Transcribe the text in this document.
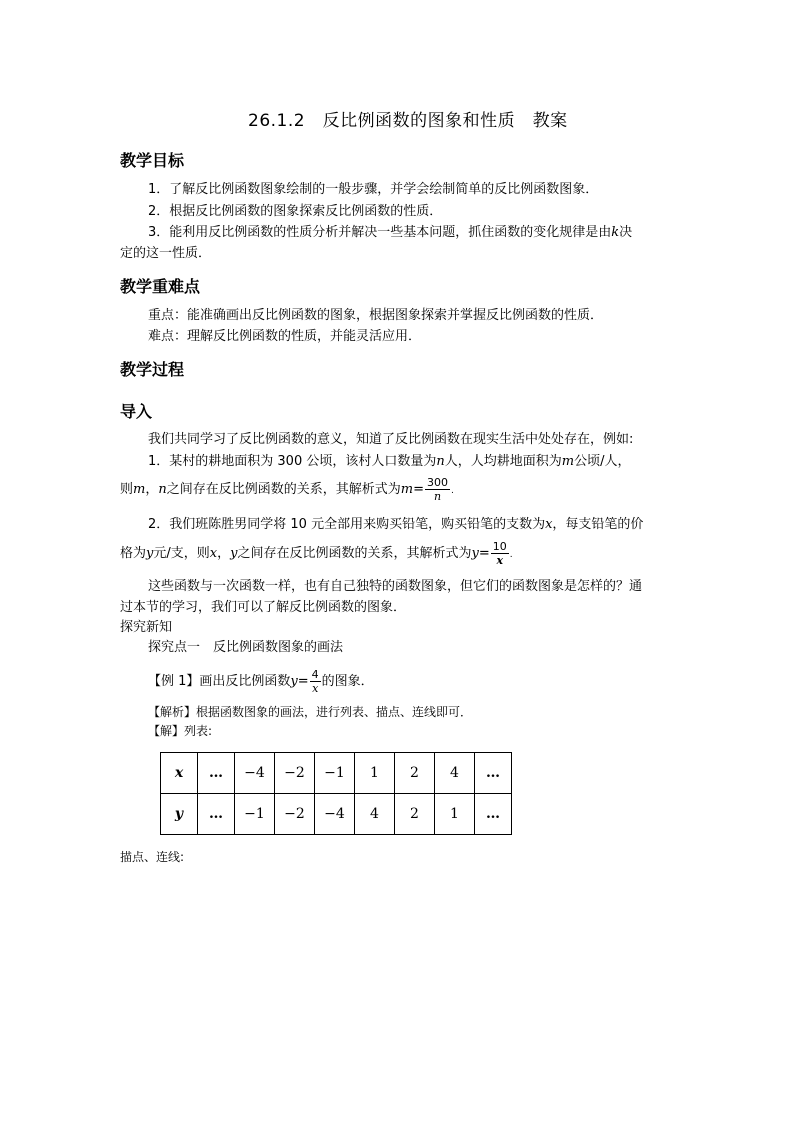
26.1.2　反比例函数的图象和性质　教案
教学目标
1．了解反比例函数图象绘制的一般步骤，并学会绘制简单的反比例函数图象．
2．根据反比例函数的图象探索反比例函数的性质．
3．能利用反比例函数的性质分析并解决一些基本问题，抓住函数的变化规律是由k决
定的这一性质．
教学重难点
重点：能准确画出反比例函数的图象，根据图象探索并掌握反比例函数的性质．
难点：理解反比例函数的性质，并能灵活应用．
教学过程
导入
我们共同学习了反比例函数的意义，知道了反比例函数在现实生活中处处存在，例如:
1．某村的耕地面积为 300 公顷，该村人口数量为n人，人均耕地面积为m公顷/人，
则m，n之间存在反比例函数的关系，其解析式为$m= \frac{300}{n}$ .
2．我们班陈胜男同学将 10 元全部用来购买铅笔，购买铅笔的支数为x，每支铅笔的价
格为y元/支，则x，y之间存在反比例函数的关系，其解析式为$y= \frac{10}{x}$ .
这些函数与一次函数一样，也有自己独特的函数图象，但它们的函数图象是怎样的？通
过本节的学习，我们可以了解反比例函数的图象．
探究新知
探究点一　反比例函数图象的画法
【例 1】画出反比例函数$y= \frac{4}{x}$ 的图象．
【解析】根据函数图象的画法，进行列表、描点、连线即可．
【解】列表:
x	…	−4	−2	−1	1	2	4	…
y	…	−1	−2	−4	4	2	1	…
描点、连线:
